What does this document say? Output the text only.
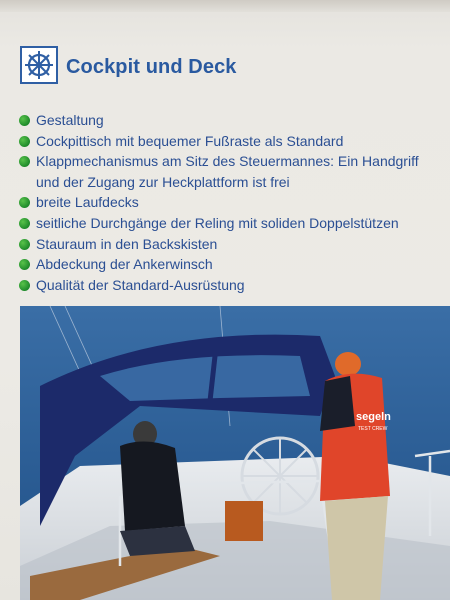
Cockpit und Deck
Gestaltung
Cockpittisch mit bequemer Fußraste als Standard
Klappmechanismus am Sitz des Steuermannes: Ein Handgriff und der Zugang zur Heckplattform ist frei
breite Laufdecks
seitliche Durchgänge der Reling mit soliden Doppelstützen
Stauraum in den Backskisten
Abdeckung der Ankerwinsch
Qualität der Standard-Ausrüstung
segeln
TEST CREW
